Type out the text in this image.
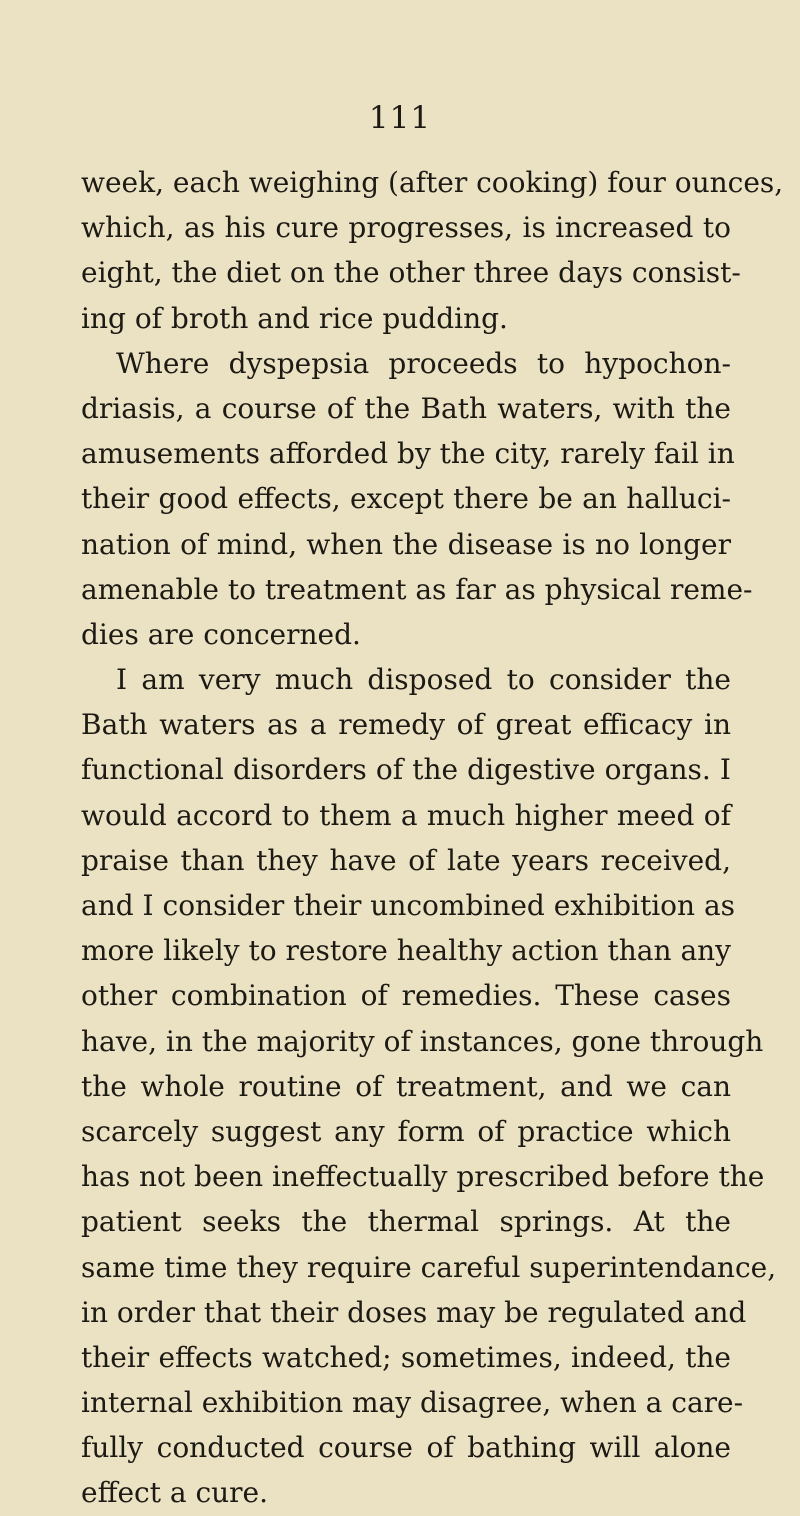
111
week, each weighing (after cooking) four ounces,
which, as his cure progresses, is increased to
eight, the diet on the other three days consist-
ing of broth and rice pudding.
Where dyspepsia proceeds to hypochon-
driasis, a course of the Bath waters, with the
amusements afforded by the city, rarely fail in
their good effects, except there be an halluci-
nation of mind, when the disease is no longer
amenable to treatment as far as physical reme-
dies are concerned.
I am very much disposed to consider the
Bath waters as a remedy of great efficacy in
functional disorders of the digestive organs. I
would accord to them a much higher meed of
praise than they have of late years received,
and I consider their uncombined exhibition as
more likely to restore healthy action than any
other combination of remedies. These cases
have, in the majority of instances, gone through
the whole routine of treatment, and we can
scarcely suggest any form of practice which
has not been ineffectually prescribed before the
patient seeks the thermal springs. At the
same time they require careful superintendance,
in order that their doses may be regulated and
their effects watched; sometimes, indeed, the
internal exhibition may disagree, when a care-
fully conducted course of bathing will alone
effect a cure.
